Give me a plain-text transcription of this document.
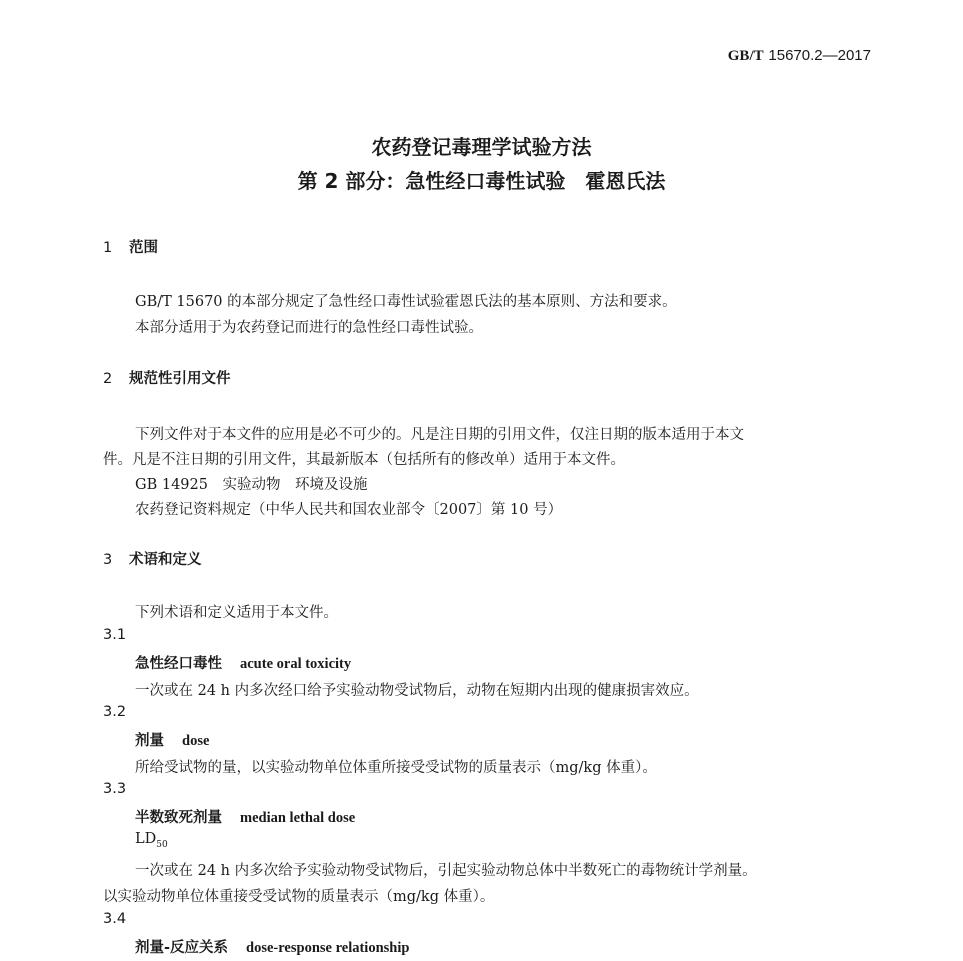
GB/T 15670.2—2017
农药登记毒理学试验方法
第 2 部分：急性经口毒性试验　霍恩氏法
1 范围
GB/T 15670 的本部分规定了急性经口毒性试验霍恩氏法的基本原则、方法和要求。
本部分适用于为农药登记而进行的急性经口毒性试验。
2 规范性引用文件
下列文件对于本文件的应用是必不可少的。凡是注日期的引用文件，仅注日期的版本适用于本文
件。凡是不注日期的引用文件，其最新版本（包括所有的修改单）适用于本文件。
GB 14925　实验动物　环境及设施
农药登记资料规定（中华人民共和国农业部令〔2007〕第 10 号）
3 术语和定义
下列术语和定义适用于本文件。
3.1
急性经口毒性 acute oral toxicity
一次或在 24 h 内多次经口给予实验动物受试物后，动物在短期内出现的健康损害效应。
3.2
剂量 dose
所给受试物的量，以实验动物单位体重所接受受试物的质量表示（mg/kg 体重）。
3.3
半数致死剂量 median lethal dose
$LD_{50}$
一次或在 24 h 内多次给予实验动物受试物后，引起实验动物总体中半数死亡的毒物统计学剂量。
以实验动物单位体重接受受试物的质量表示（mg/kg 体重）。
3.4
剂量-反应关系 dose-response relationship
